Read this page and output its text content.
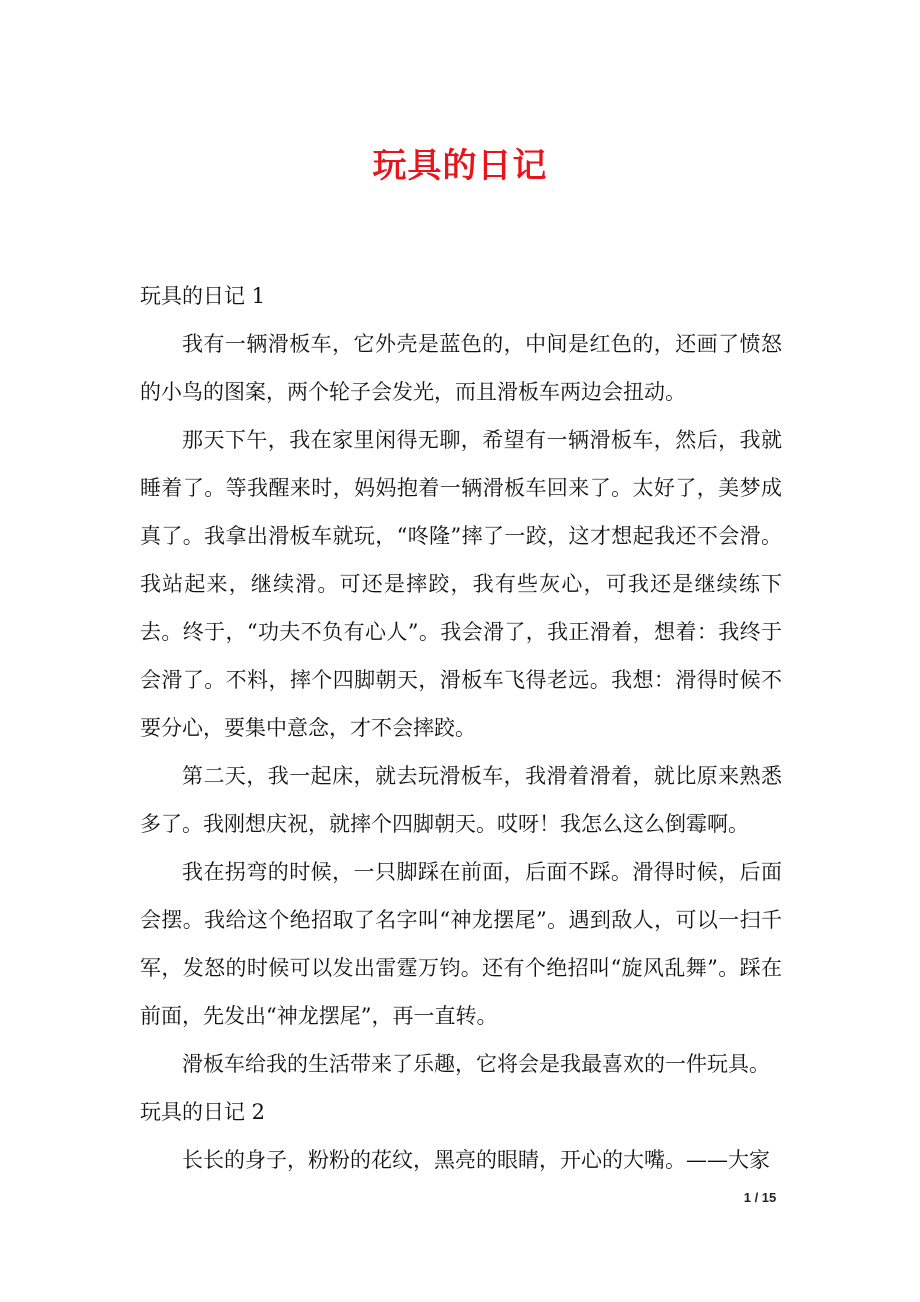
玩具的日记
玩具的日记 1

我有一辆滑板车，它外壳是蓝色的，中间是红色的，还画了愤怒的小鸟的图案，两个轮子会发光，而且滑板车两边会扭动。

那天下午，我在家里闲得无聊，希望有一辆滑板车，然后，我就睡着了。等我醒来时，妈妈抱着一辆滑板车回来了。太好了，美梦成真了。我拿出滑板车就玩，“咚隆”摔了一跤，这才想起我还不会滑。我站起来，继续滑。可还是摔跤，我有些灰心，可我还是继续练下去。终于，“功夫不负有心人”。我会滑了，我正滑着，想着：我终于会滑了。不料，摔个四脚朝天，滑板车飞得老远。我想：滑得时候不要分心，要集中意念，才不会摔跤。

第二天，我一起床，就去玩滑板车，我滑着滑着，就比原来熟悉多了。我刚想庆祝，就摔个四脚朝天。哎呀！我怎么这么倒霉啊。

我在拐弯的时候，一只脚踩在前面，后面不踩。滑得时候，后面会摆。我给这个绝招取了名字叫“神龙摆尾”。遇到敌人，可以一扫千军，发怒的时候可以发出雷霆万钧。还有个绝招叫“旋风乱舞”。踩在前面，先发出“神龙摆尾”，再一直转。

滑板车给我的生活带来了乐趣，它将会是我最喜欢的一件玩具。

玩具的日记 2

长长的身子，粉粉的花纹，黑亮的眼睛，开心的大嘴。——大家

1 / 15
